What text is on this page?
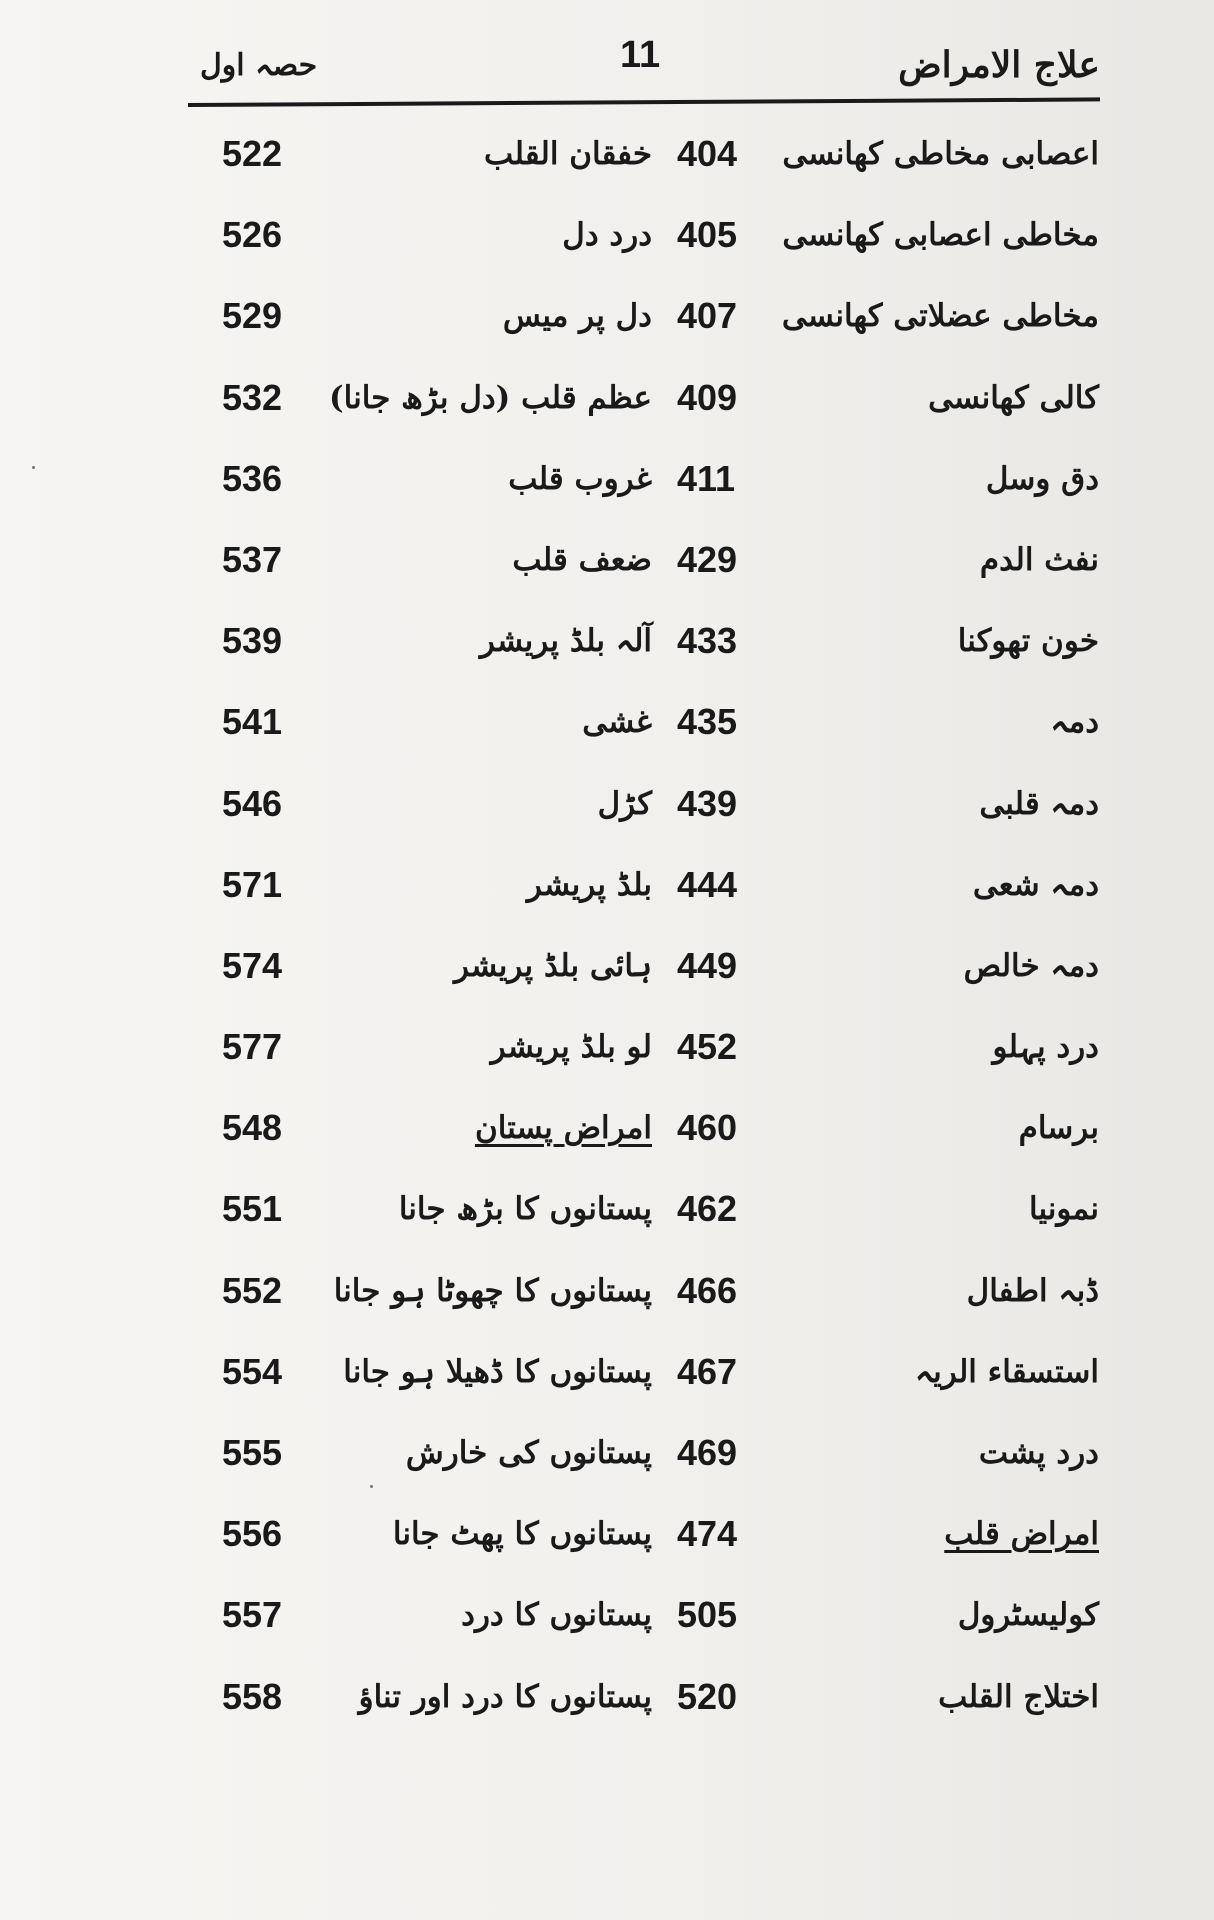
حصہ اول	11	علاج الامراض
522	خفقان القلب 404 اعصابی مخاطی کھانسی
526	درد دل 405 مخاطی اعصابی کھانسی
529	دل پر میس 407 مخاطی عضلاتی کھانسی
532 عظم قلب (دل بڑھ جانا) 409	کالی کھانسی
536	غروب قلب 411	دق وسل
537	ضعف قلب 429	نفث الدم
539	آلہ بلڈ پریشر 433	خون تھوکنا
541	غشی 435	دمہ
546	کڑل 439	دمہ قلبی
571	بلڈ پریشر 444	دمہ شعی
574	ہائی بلڈ پریشر 449	دمہ خالص
577	لو بلڈ پریشر 452	درد پہلو
548	امراض پستان 460	برسام
551	پستانوں کا بڑھ جانا 462	نمونیا
552 پستانوں کا چھوٹا ہو جانا 466	ڈبہ اطفال
554 پستانوں کا ڈھیلا ہو جانا 467	استسقاء الریہ
555	پستانوں کی خارش 469	درد پشت
556	پستانوں کا پھٹ جانا 474	امراض قلب
557	پستانوں کا درد 505	کولیسٹرول
558 پستانوں کا درد اور تناؤ 520	اختلاج القلب
